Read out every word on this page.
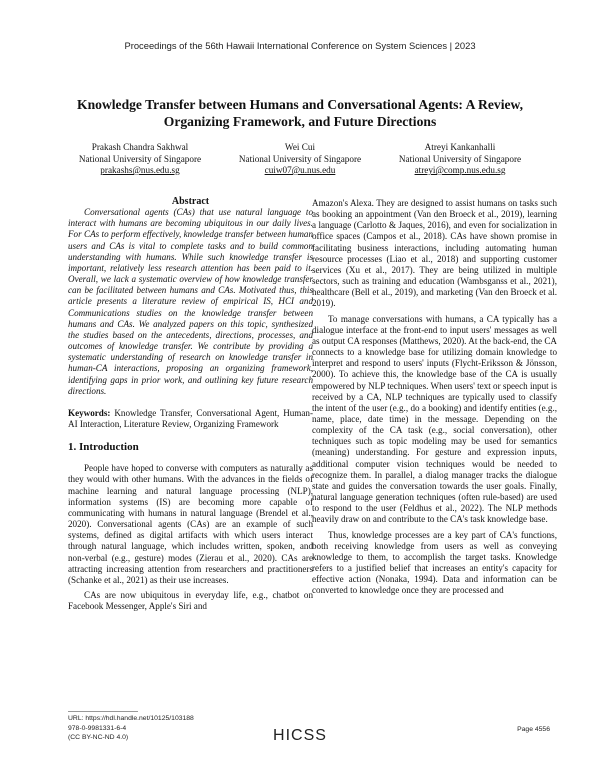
Proceedings of the 56th Hawaii International Conference on System Sciences | 2023
Knowledge Transfer between Humans and Conversational Agents: A Review,
Organizing Framework, and Future Directions
Prakash Chandra Sakhwal
National University of Singapore
prakashs@nus.edu.sg
Wei Cui
National University of Singapore
cuiw07@u.nus.edu
Atreyi Kankanhalli
National University of Singapore
atreyi@comp.nus.edu.sg

Abstract

Conversational agents (CAs) that use natural language to interact with humans are becoming ubiquitous in our daily lives. For CAs to perform effectively, knowledge transfer between human users and CAs is vital to complete tasks and to build common understanding with humans. While such knowledge transfer is important, relatively less research attention has been paid to it. Overall, we lack a systematic overview of how knowledge transfer can be facilitated between humans and CAs. Motivated thus, this article presents a literature review of empirical IS, HCI and Communications studies on the knowledge transfer between humans and CAs. We analyzed papers on this topic, synthesized the studies based on the antecedents, directions, processes, and outcomes of knowledge transfer. We contribute by providing a systematic understanding of research on knowledge transfer in human-CA interactions, proposing an organizing framework, identifying gaps in prior work, and outlining key future research directions.

Keywords: Knowledge Transfer, Conversational Agent, Human-AI Interaction, Literature Review, Organizing Framework

1. Introduction

People have hoped to converse with computers as naturally as they would with other humans. With the advances in the fields of machine learning and natural language processing (NLP), information systems (IS) are becoming more capable of communicating with humans in natural language (Brendel et al., 2020). Conversational agents (CAs) are an example of such systems, defined as digital artifacts with which users interact through natural language, which includes written, spoken, and non-verbal (e.g., gesture) modes (Zierau et al., 2020). CAs are attracting increasing attention from researchers and practitioners (Schanke et al., 2021) as their use increases.

CAs are now ubiquitous in everyday life, e.g., chatbot on Facebook Messenger, Apple's Siri and

Amazon's Alexa. They are designed to assist humans on tasks such as booking an appointment (Van den Broeck et al., 2019), learning a language (Carlotto & Jaques, 2016), and even for socialization in office spaces (Campos et al., 2018). CAs have shown promise in facilitating business interactions, including automating human resource processes (Liao et al., 2018) and supporting customer services (Xu et al., 2017). They are being utilized in multiple sectors, such as training and education (Wambsganss et al., 2021), healthcare (Bell et al., 2019), and marketing (Van den Broeck et al. 2019).

To manage conversations with humans, a CA typically has a dialogue interface at the front-end to input users' messages as well as output CA responses (Matthews, 2020). At the back-end, the CA connects to a knowledge base for utilizing domain knowledge to interpret and respond to users' inputs (Flycht-Eriksson & Jönsson, 2000). To achieve this, the knowledge base of the CA is usually empowered by NLP techniques. When users' text or speech input is received by a CA, NLP techniques are typically used to classify the intent of the user (e.g., do a booking) and identify entities (e.g., name, place, date time) in the message. Depending on the complexity of the CA task (e.g., social conversation), other techniques such as topic modeling may be used for semantics (meaning) understanding. For gesture and expression inputs, additional computer vision techniques would be needed to recognize them. In parallel, a dialog manager tracks the dialogue state and guides the conversation towards the user goals. Finally, natural language generation techniques (often rule-based) are used to respond to the user (Feldhus et al., 2022). The NLP methods heavily draw on and contribute to the CA's task knowledge base.

Thus, knowledge processes are a key part of CA's functions, both receiving knowledge from users as well as conveying knowledge to them, to accomplish the target tasks. Knowledge refers to a justified belief that increases an entity's capacity for effective action (Nonaka, 1994). Data and information can be converted to knowledge once they are processed and

URL: https://hdl.handle.net/10125/103188
978-0-9981331-6-4
(CC BY-NC-ND 4.0)	HICSS	Page 4556
